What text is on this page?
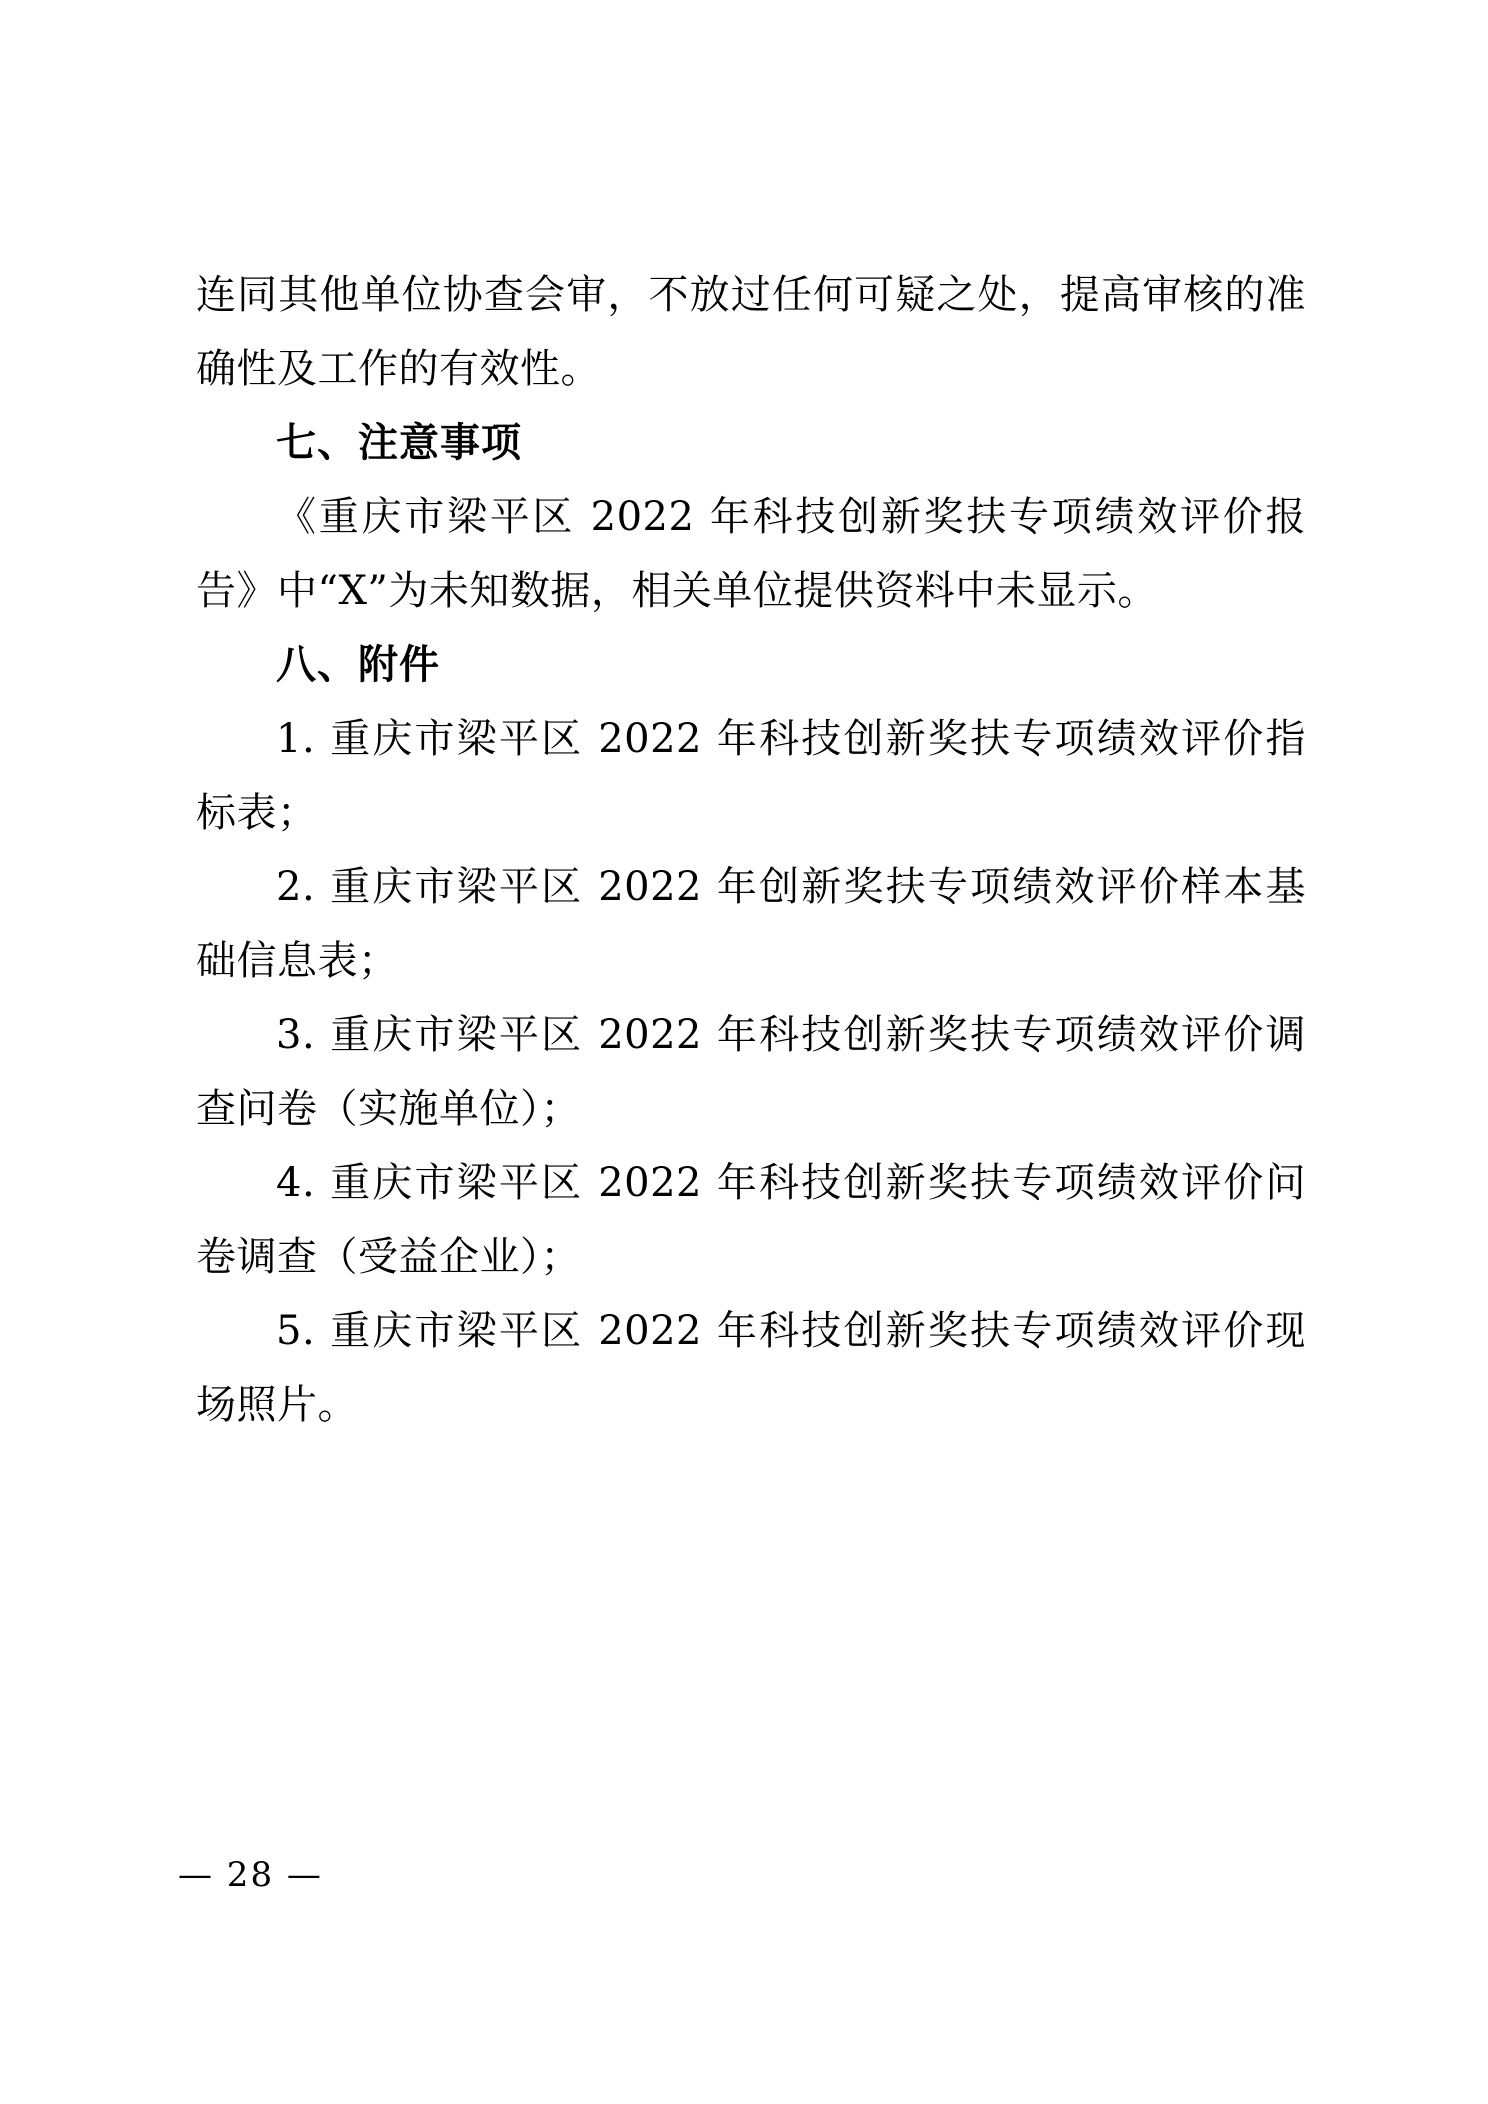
连同其他单位协查会审，不放过任何可疑之处，提高审核的准确性及工作的有效性。

七、注意事项

《重庆市梁平区 2022 年科技创新奖扶专项绩效评价报告》中“X”为未知数据，相关单位提供资料中未显示。

八、附件

1. 重庆市梁平区 2022 年科技创新奖扶专项绩效评价指标表；

2. 重庆市梁平区 2022 年创新奖扶专项绩效评价样本基础信息表；

3. 重庆市梁平区 2022 年科技创新奖扶专项绩效评价调查问卷（实施单位）；

4. 重庆市梁平区 2022 年科技创新奖扶专项绩效评价问卷调查（受益企业）；

5. 重庆市梁平区 2022 年科技创新奖扶专项绩效评价现场照片。

— 28 —
